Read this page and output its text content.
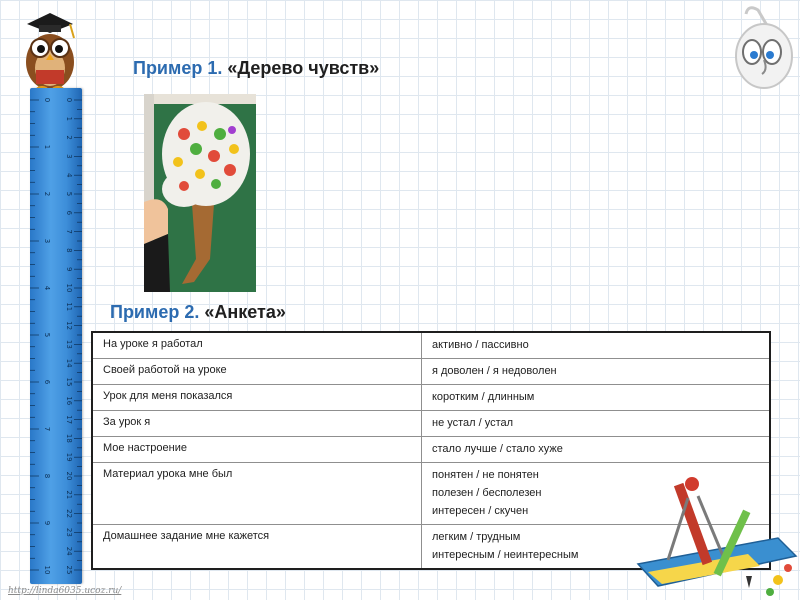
0
1
2
3
4
5
6
7
8
9
10
11
12
13
14
15
16
17
18
19
20
21
22
23
24
25
0
1
2
3
4
5
6
7
8
9
10
Пример 1. «Дерево чувств»
Пример 2. «Анкета»
На уроке я работал	активно / пассивно

Своей работой на уроке	я доволен / я недоволен

Урок для меня показался	коротким / длинным

За урок я	не устал / устал

Мое настроение	стало лучше / стало хуже

Материал урока мне был	понятен / не понятен
полезен / бесполезен
интересен / скучен

Домашнее задание мне кажется	легким / трудным
интересным / неинтересным
http://linda6035.ucoz.ru/
